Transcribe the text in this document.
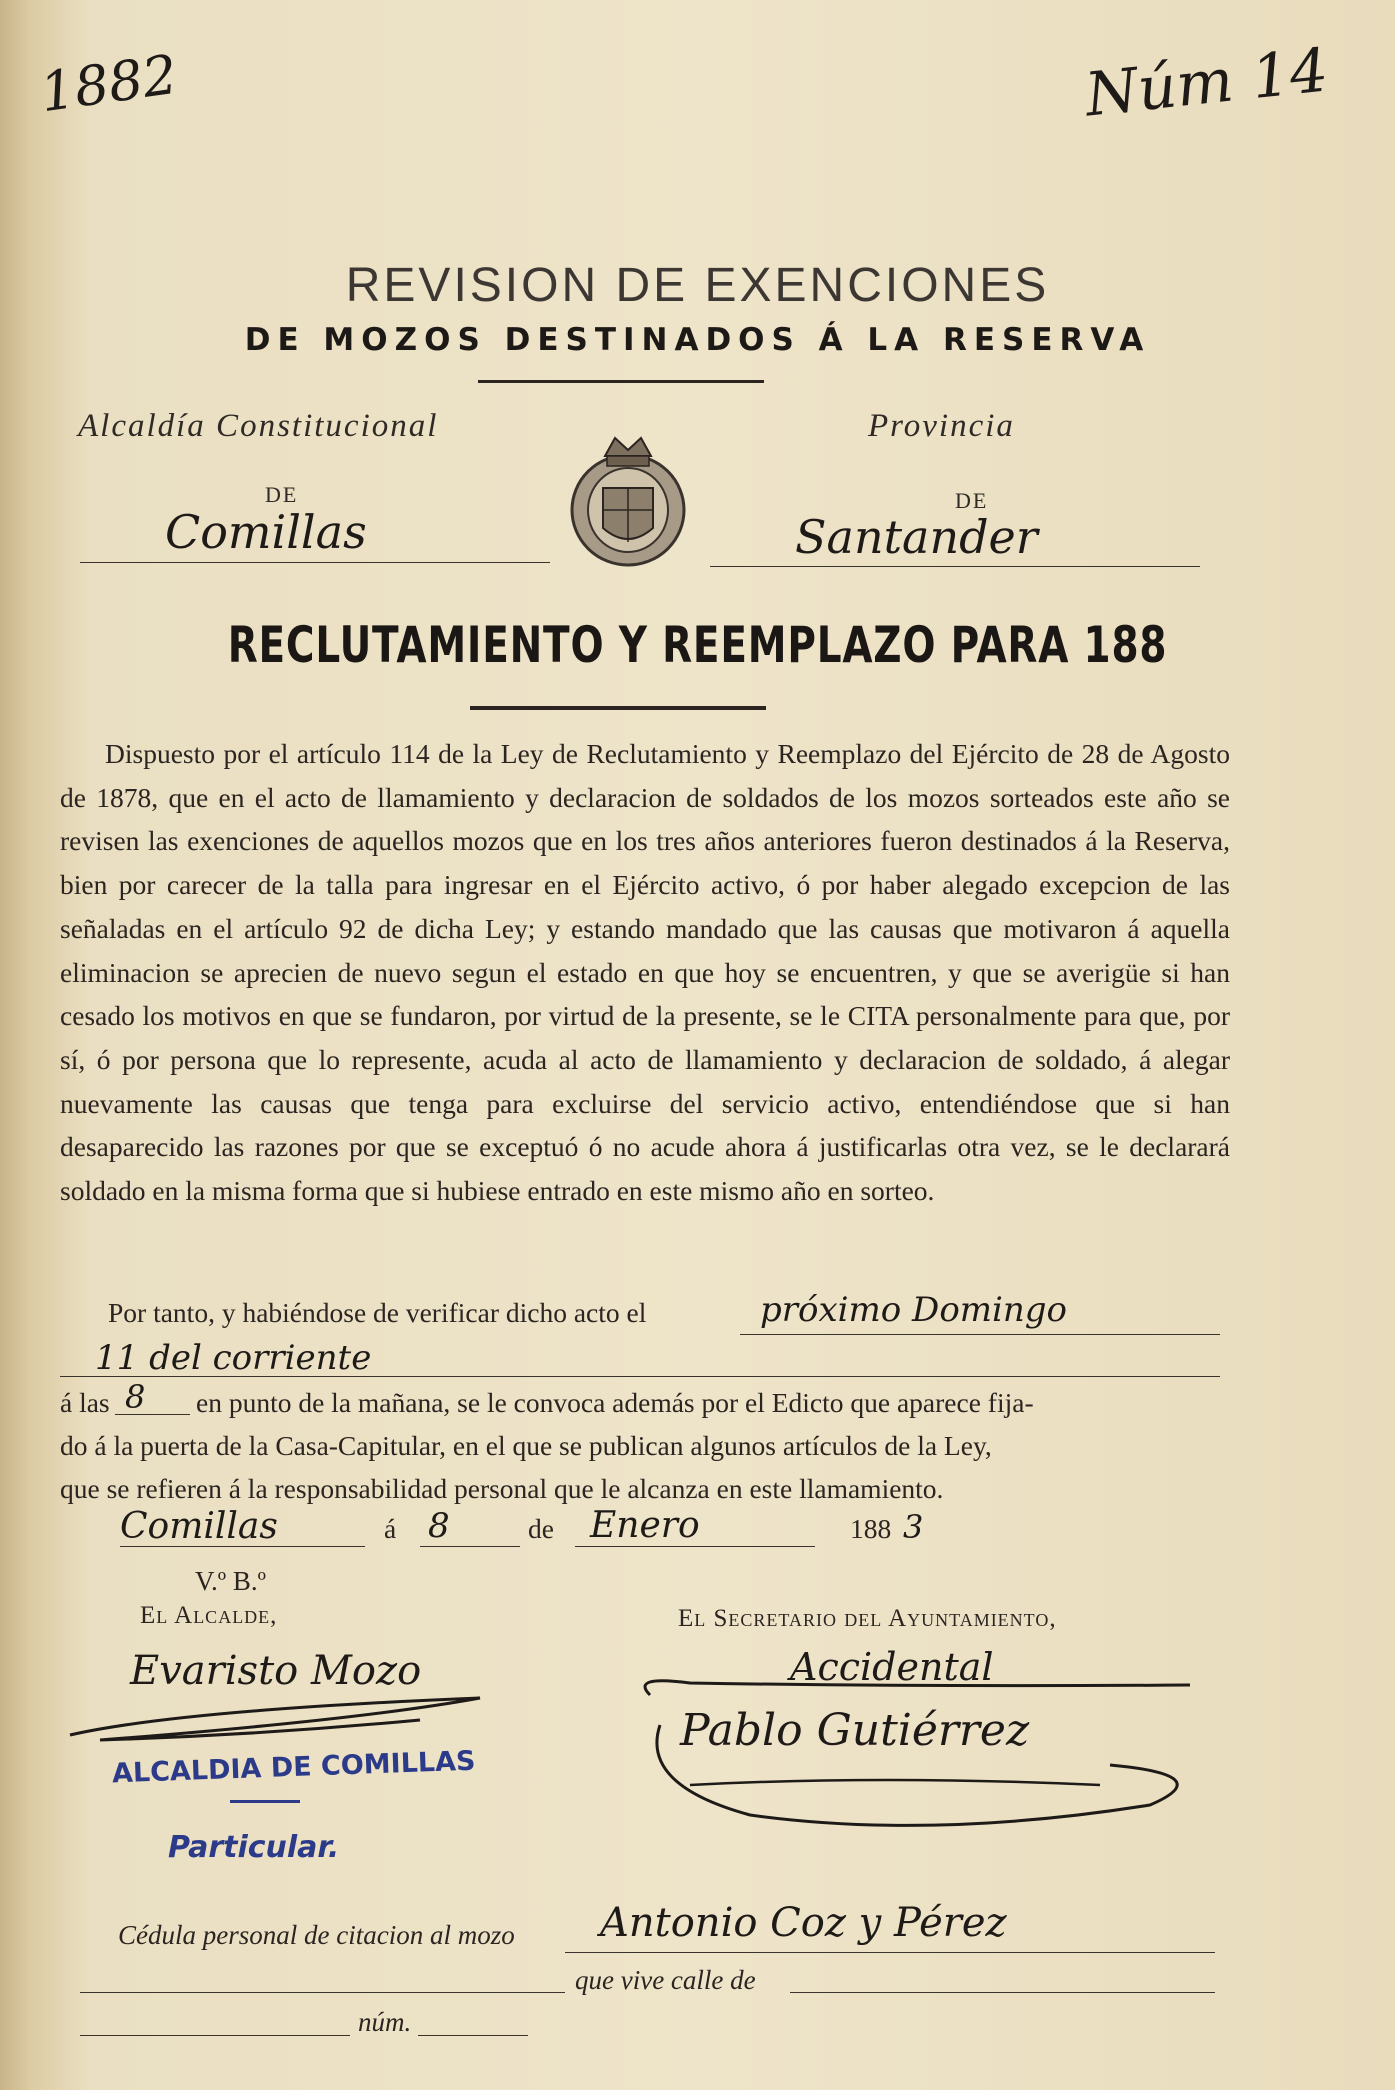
1882	Núm 14
REVISION DE EXENCIONES
DE MOZOS DESTINADOS Á LA RESERVA
Alcaldía Constitucional	Provincia
DE	DE
Comillas	Santander
RECLUTAMIENTO Y REEMPLAZO PARA 188
Dispuesto por el artículo 114 de la Ley de Reclutamiento y Reemplazo del Ejército de 28 de Agosto de 1878, que en el acto de llamamiento y declaracion de soldados de los mozos sorteados este año se revisen las exenciones de aquellos mozos que en los tres años anteriores fueron destinados á la Reserva, bien por carecer de la talla para ingresar en el Ejército activo, ó por haber alegado excepcion de las señaladas en el artículo 92 de dicha Ley; y estando mandado que las causas que motivaron á aquella eliminacion se aprecien de nuevo segun el estado en que hoy se encuentren, y que se averigüe si han cesado los motivos en que se fundaron, por virtud de la presente, se le CITA personalmente para que, por sí, ó por persona que lo represente, acuda al acto de llamamiento y declaracion de soldado, á alegar nuevamente las causas que tenga para excluirse del servicio activo, entendiéndose que si han desaparecido las razones por que se exceptuó ó no acude ahora á justificarlas otra vez, se le declarará soldado en la misma forma que si hubiese entrado en este mismo año en sorteo.
Por tanto, y habiéndose de verificar dicho acto el	próximo Domingo
11 del corriente
á las 8 en punto de la mañana, se le convoca además por el Edicto que aparece fija-
do á la puerta de la Casa-Capitular, en el que se publican algunos artículos de la Ley,
que se refieren á la responsabilidad personal que le alcanza en este llamamiento.
Comillas	á 8	de Enero	188 3
V.º B.º
El Alcalde,	El Secretario del Ayuntamiento,
Evaristo Mozo	Accidental
Pablo Gutiérrez
ALCALDIA DE COMILLAS
Particular.
Cédula personal de citacion al mozo Antonio Coz y Pérez
que vive calle de
núm.
